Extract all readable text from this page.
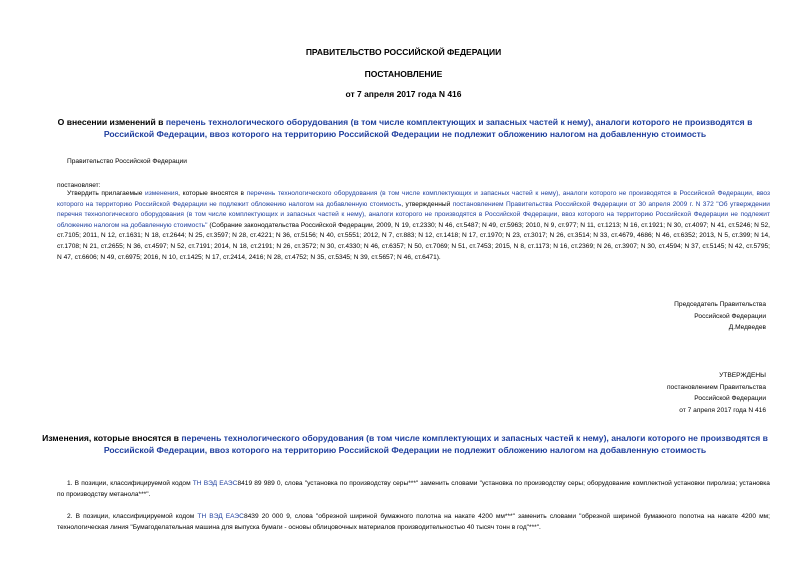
ПРАВИТЕЛЬСТВО РОССИЙСКОЙ ФЕДЕРАЦИИ
ПОСТАНОВЛЕНИЕ
от 7 апреля 2017 года N 416
О внесении изменений в перечень технологического оборудования (в том числе комплектующих и запасных частей к нему), аналоги которого не производятся в Российской Федерации, ввоз которого на территорию Российской Федерации не подлежит обложению налогом на добавленную стоимость
Правительство Российской Федерации
постановляет:
Утвердить прилагаемые изменения, которые вносятся в перечень технологического оборудования (в том числе комплектующих и запасных частей к нему), аналоги которого не производятся в Российской Федерации, ввоз которого на территорию Российской Федерации не подлежит обложению налогом на добавленную стоимость, утвержденный постановлением Правительства Российской Федерации от 30 апреля 2009 г. N 372 "Об утверждении перечня технологического оборудования (в том числе комплектующих и запасных частей к нему), аналоги которого не производятся в Российской Федерации, ввоз которого на территорию Российской Федерации не подлежит обложению налогом на добавленную стоимость" (Собрание законодательства Российской Федерации, 2009, N 19, ст.2330; N 46, ст.5487; N 49, ст.5963; 2010, N 9, ст.977; N 11, ст.1213; N 16, ст.1921; N 30, ст.4097; N 41, ст.5246; N 52, ст.7105; 2011, N 12, ст.1631; N 18, ст.2644; N 25, ст.3597; N 28, ст.4221; N 36, ст.5156; N 40, ст.5551; 2012, N 7, ст.883; N 12, ст.1418; N 17, ст.1970; N 23, ст.3017; N 26, ст.3514; N 33, ст.4679, 4686; N 46, ст.6352; 2013, N 5, ст.399; N 14, ст.1708; N 21, ст.2655; N 36, ст.4597; N 52, ст.7191; 2014, N 18, ст.2191; N 26, ст.3572; N 30, ст.4330; N 46, ст.6357; N 50, ст.7069; N 51, ст.7453; 2015, N 8, ст.1173; N 16, ст.2369; N 26, ст.3907; N 30, ст.4594; N 37, ст.5145; N 42, ст.5795; N 47, ст.6606; N 49, ст.6975; 2016, N 10, ст.1425; N 17, ст.2414, 2416; N 28, ст.4752; N 35, ст.5345; N 39, ст.5657; N 46, ст.6471).
Председатель Правительства
Российской Федерации
Д.Медведев
УТВЕРЖДЕНЫ
постановлением Правительства
Российской Федерации
от 7 апреля 2017 года N 416
Изменения, которые вносятся в перечень технологического оборудования (в том числе комплектующих и запасных частей к нему), аналоги которого не производятся в Российской Федерации, ввоз которого на территорию Российской Федерации не подлежит обложению налогом на добавленную стоимость
1. В позиции, классифицируемой кодом ТН ВЭД ЕАЭС8419 89 989 0, слова "установка по производству серы***" заменить словами "установка по производству серы; оборудование комплектной установки пиролиза; установка по производству метанола***".
2. В позиции, классифицируемой кодом ТН ВЭД ЕАЭС8439 20 000 9, слова "обрезной шириной бумажного полотна на накате 4200 мм***" заменить словами "обрезной шириной бумажного полотна на накате 4200 мм; технологическая линия "Бумагоделательная машина для выпуска бумаги - основы облицовочных материалов производительностью 40 тысяч тонн в год"***".
